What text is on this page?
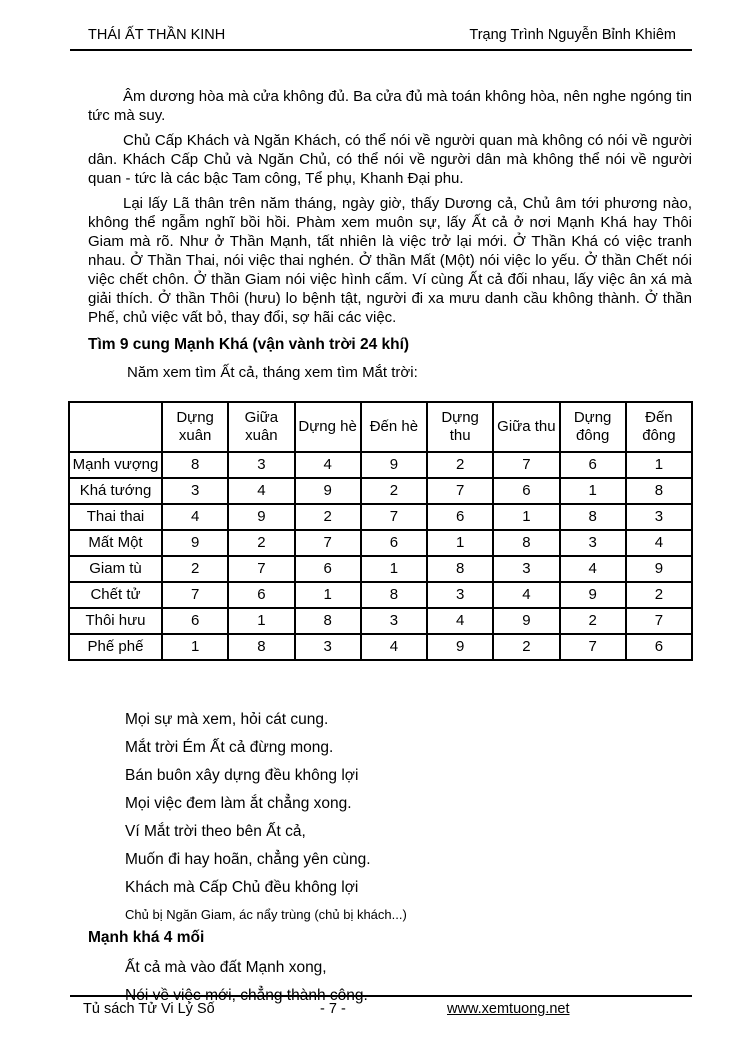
THÁI ẤT THẦN KINH	Trạng Trình Nguyễn Bỉnh Khiêm

Âm dương hòa mà cửa không đủ. Ba cửa đủ mà toán không hòa, nên nghe ngóng tin tức mà suy.

Chủ Cấp Khách và Ngăn Khách, có thể nói về người quan mà không có nói về người dân. Khách Cấp Chủ và Ngăn Chủ, có thể nói về người dân mà không thể nói về người quan - tức là các bậc Tam công, Tể phụ, Khanh Đại phu.

Lại lấy Lã thân trên năm tháng, ngày giờ, thấy Dương cả, Chủ âm tới phương nào, không thể ngẫm nghĩ bồi hồi. Phàm xem muôn sự, lấy Ất cả ở nơi Mạnh Khá hay Thôi Giam mà rõ. Như ở Thần Mạnh, tất nhiên là việc trở lại mới. Ở Thần Khá có việc tranh nhau. Ở Thần Thai, nói việc thai nghén. Ở thần Mất (Một) nói việc lo yếu. Ở thần Chết nói việc chết chôn. Ở thần Giam nói việc hình cấm. Ví cùng Ất cả đối nhau, lấy việc ân xá mà giải thích. Ở thần Thôi (hưu) lo bệnh tật, người đi xa mưu danh cầu không thành. Ở thần Phế, chủ việc vất bỏ, thay đổi, sợ hãi các việc.

Tìm 9 cung Mạnh Khá (vận vành trời 24 khí)

Năm xem tìm Ất cả, tháng xem tìm Mắt trời:

	Dựng xuân	Giữa xuân	Dựng hè	Đến hè	Dựng thu	Giữa thu	Dựng đông	Đến đông
Mạnh vượng	8	3	4	9	2	7	6	1
Khá tướng	3	4	9	2	7	6	1	8
Thai thai	4	9	2	7	6	1	8	3
Mất Một	9	2	7	6	1	8	3	4
Giam tù	2	7	6	1	8	3	4	9
Chết tử	7	6	1	8	3	4	9	2
Thôi hưu	6	1	8	3	4	9	2	7
Phế phế	1	8	3	4	9	2	7	6
Mọi sự mà xem, hỏi cát cung.
Mắt trời Ém Ất cả đừng mong.
Bán buôn xây dựng đều không lợi
Mọi việc đem làm ắt chẳng xong.
Ví Mắt trời theo bên Ất cả,
Muốn đi hay hoãn, chẳng yên cùng.
Khách mà Cấp Chủ đều không lợi
Chủ bị Ngăn Giam, ác nẩy trùng (chủ bị khách...)
Mạnh khá 4 mối
Ất cả mà vào đất Mạnh xong,
Nói về việc mới, chẳng thành công.
Tủ sách Tử Vi Lý Số	- 7 -	www.xemtuong.net
